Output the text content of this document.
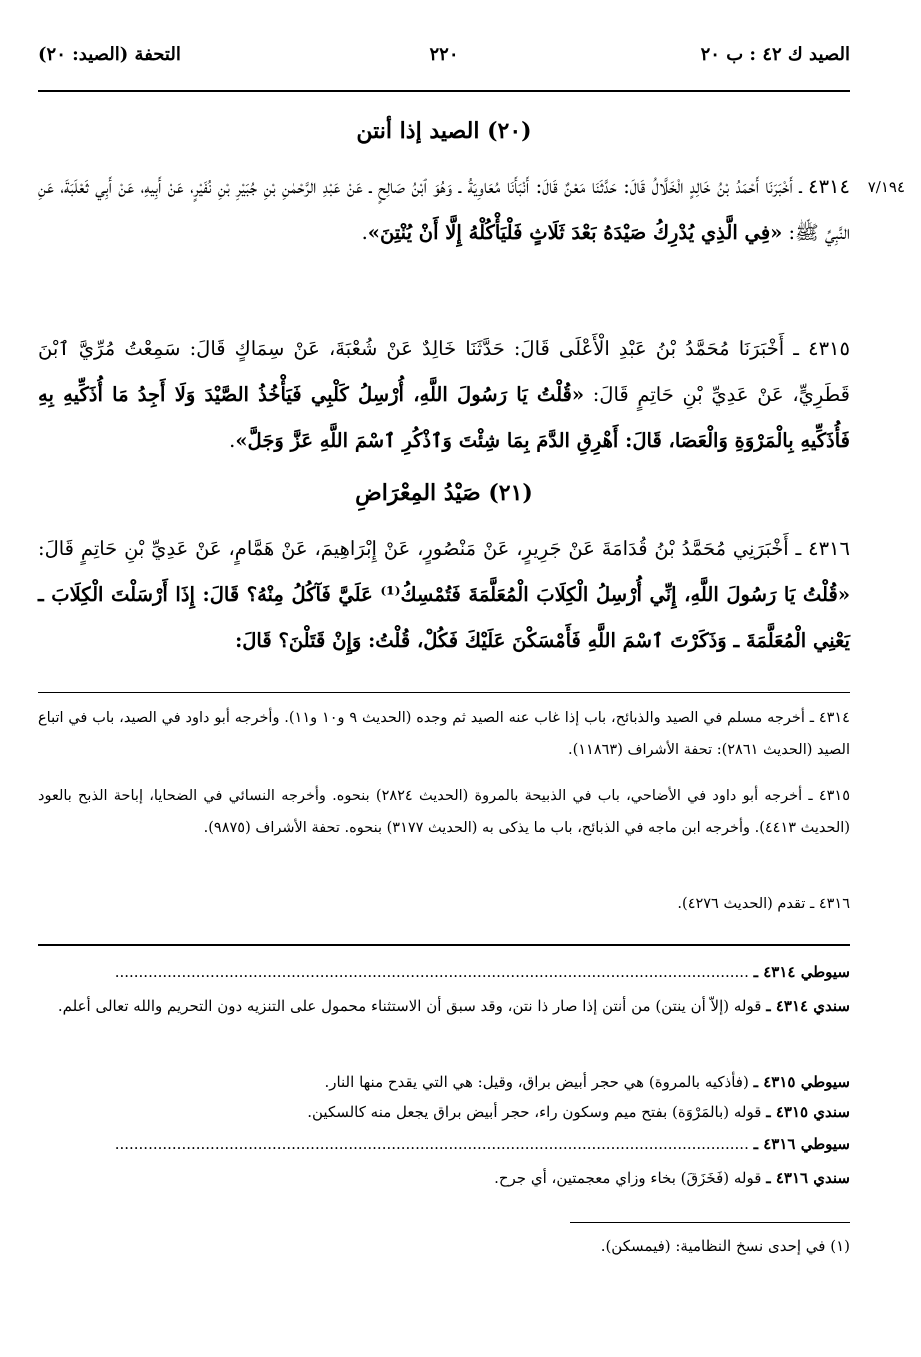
الصيد ك ٤٢ : ب ٢٠
٢٢٠
التحفة (الصيد: ٢٠)
(٢٠) الصيد إذا أنتن
٧/١٩٤
٤٣١٤ ـ أَخْبَرَنَا أَحْمَدُ بْنُ خَالِدٍ الْخَلَّالُ قَالَ: حَدَّثَنَا مَعْنٌ قَالَ: أَنْبَأَنَا مُعَاوِيَةُ ـ وَهُوَ ٱبْنُ صَالِحٍ ـ عَنْ عَبْدِ الرَّحْمٰنِ بْنِ جُبَيْرِ بْنِ نُفَيْرٍ، عَنْ أَبِيهِ، عَنْ أَبِي ثَعْلَبَةَ، عَنِ النَّبِيِّ ﷺ: «فِي الَّذِي يُدْرِكُ صَيْدَهُ بَعْدَ ثَلَاثٍ فَلْيَأْكُلْهُ إِلَّا أَنْ يُنْتِنَ».
٤٣١٥ ـ أَخْبَرَنَا مُحَمَّدُ بْنُ عَبْدِ الْأَعْلَى قَالَ: حَدَّثَنَا خَالِدٌ عَنْ شُعْبَةَ، عَنْ سِمَاكٍ قَالَ: سَمِعْتُ مُرِّيَّ ٱبْنَ قَطَرِيٍّ، عَنْ عَدِيِّ بْنِ حَاتِمٍ قَالَ: «قُلْتُ يَا رَسُولَ اللَّهِ، أُرْسِلُ كَلْبِي فَيَأْخُذُ الصَّيْدَ وَلَا أَجِدُ مَا أُذَكِّيهِ بِهِ فَأُذَكِّيهِ بِالْمَرْوَةِ وَالْعَصَا، قَالَ: أَهْرِقِ الدَّمَ بِمَا شِئْتَ وَٱذْكُرِ ٱسْمَ اللَّهِ عَزَّ وَجَلَّ».
(٢١) صَيْدُ المِعْرَاضِ
٤٣١٦ ـ أَخْبَرَنِي مُحَمَّدُ بْنُ قُدَامَةَ عَنْ جَرِيرٍ، عَنْ مَنْصُورٍ، عَنْ إِبْرَاهِيمَ، عَنْ هَمَّامٍ، عَنْ عَدِيِّ بْنِ حَاتِمٍ قَالَ: «قُلْتُ يَا رَسُولَ اللَّهِ، إِنِّي أُرْسِلُ الْكِلَابَ الْمُعَلَّمَةَ فَتُمْسِكُ⁽¹⁾ عَلَيَّ فَآكُلُ مِنْهُ؟ قَالَ: إِذَا أَرْسَلْتَ الْكِلَابَ ـ يَعْنِي الْمُعَلَّمَةَ ـ وَذَكَرْتَ ٱسْمَ اللَّهِ فَأَمْسَكْنَ عَلَيْكَ فَكُلْ، قُلْتُ: وَإِنْ قَتَلْنَ؟ قَالَ:
٤٣١٤ ـ أخرجه مسلم في الصيد والذبائح، باب إذا غاب عنه الصيد ثم وجده (الحديث ٩ و١٠ و١١). وأخرجه أبو داود في الصيد، باب في اتباع الصيد (الحديث ٢٨٦١): تحفة الأشراف (١١٨٦٣).
٤٣١٥ ـ أخرجه أبو داود في الأضاحي، باب في الذبيحة بالمروة (الحديث ٢٨٢٤) بنحوه. وأخرجه النسائي في الضحايا، إباحة الذبح بالعود (الحديث ٤٤١٣). وأخرجه ابن ماجه في الذبائح، باب ما يذكى به (الحديث ٣١٧٧) بنحوه. تحفة الأشراف (٩٨٧٥).
٤٣١٦ ـ تقدم (الحديث ٤٢٧٦).
سيوطي ٤٣١٤ ـ .....................................................................................................................................
سندي ٤٣١٤ ـ قوله (إلاّ أن ينتن) من أنتن إذا صار ذا نتن، وقد سبق أن الاستثناء محمول على التنزيه دون التحريم والله تعالى أعلم.
سيوطي ٤٣١٥ ـ (فأذكيه بالمروة) هي حجر أبيض براق، وقيل: هي التي يقدح منها النار.
سندي ٤٣١٥ ـ قوله (بالمَرْوَة) بفتح ميم وسكون راء، حجر أبيض براق يجعل منه كالسكين.
سيوطي ٤٣١٦ ـ .....................................................................................................................................
سندي ٤٣١٦ ـ قوله (فَخَزَقَ) بخاء وزاي معجمتين، أي جرح.
(١) في إحدى نسخ النظامية: (فيمسكن).
